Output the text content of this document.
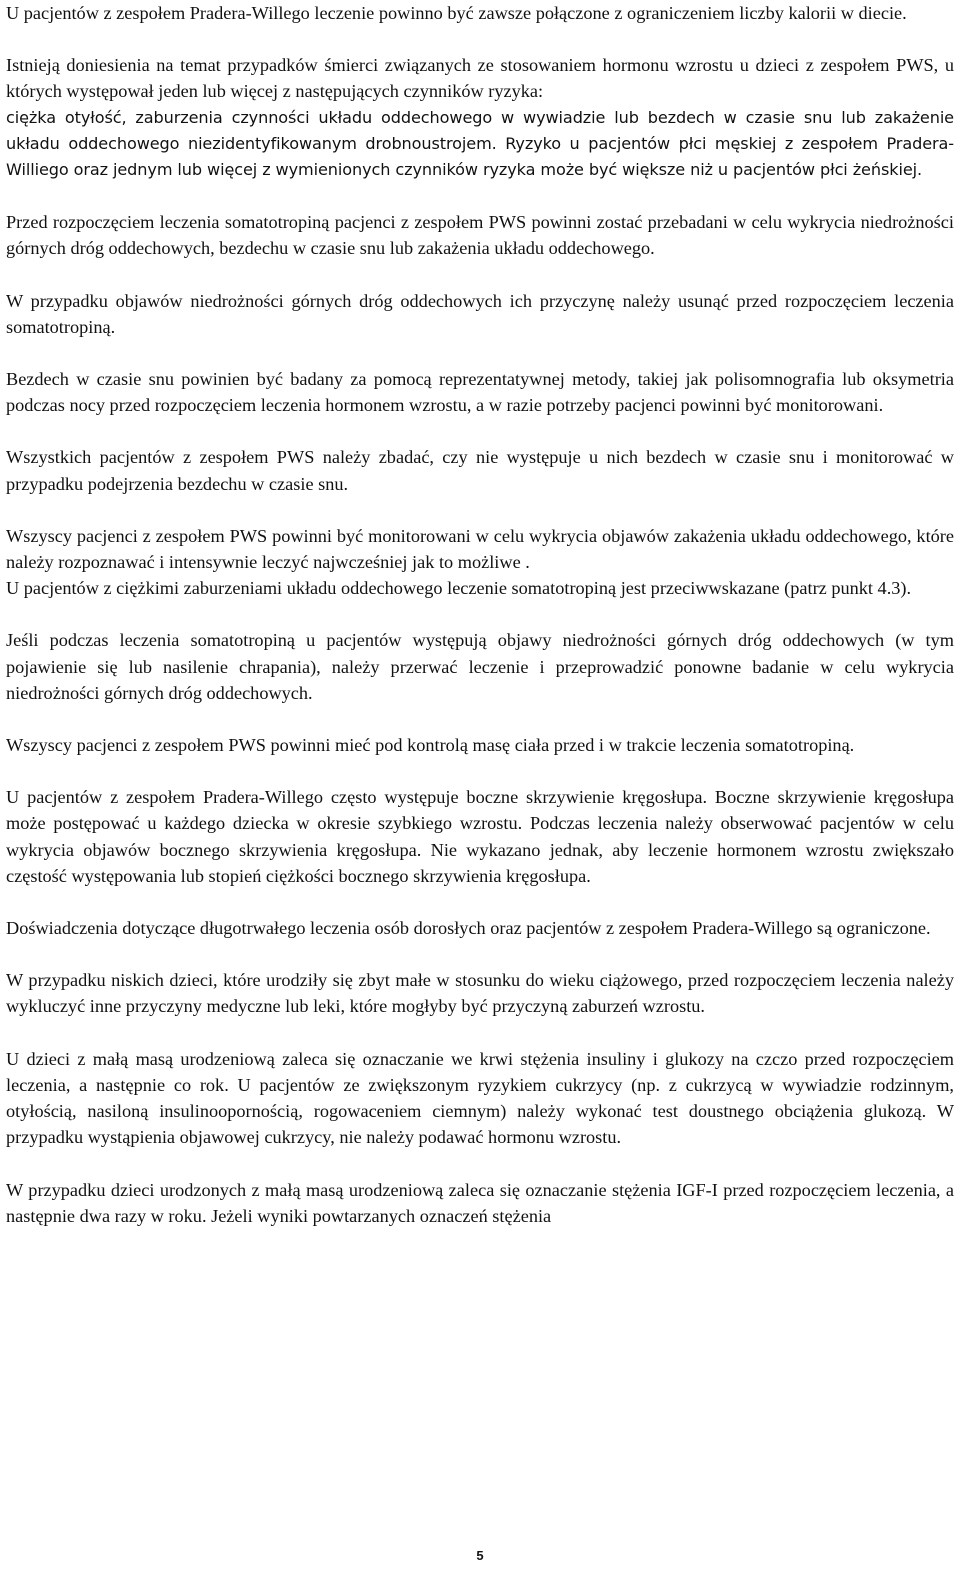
U pacjentów z zespołem Pradera-Willego leczenie powinno być zawsze połączone z ograniczeniem liczby kalorii w diecie.

Istnieją doniesienia na temat przypadków śmierci związanych ze stosowaniem hormonu wzrostu u dzieci z zespołem PWS, u których występował jeden lub więcej z następujących czynników ryzyka:

ciężka otyłość, zaburzenia czynności układu oddechowego w wywiadzie lub bezdech w czasie snu lub zakażenie układu oddechowego niezidentyfikowanym drobnoustrojem. Ryzyko u pacjentów płci męskiej z zespołem Pradera-Williego oraz jednym lub więcej z wymienionych czynników ryzyka może być większe niż u pacjentów płci żeńskiej.

Przed rozpoczęciem leczenia somatotropiną pacjenci z zespołem PWS powinni zostać przebadani w celu wykrycia niedrożności górnych dróg oddechowych, bezdechu w czasie snu lub zakażenia układu oddechowego.

W przypadku objawów niedrożności górnych dróg oddechowych ich przyczynę należy usunąć przed rozpoczęciem leczenia somatotropiną.

Bezdech w czasie snu powinien być badany za pomocą reprezentatywnej metody, takiej jak polisomnografia lub oksymetria podczas nocy przed rozpoczęciem leczenia hormonem wzrostu, a w razie potrzeby pacjenci powinni być monitorowani.

Wszystkich pacjentów z zespołem PWS należy zbadać, czy nie występuje u nich bezdech w czasie snu i monitorować w przypadku podejrzenia bezdechu w czasie snu.

Wszyscy pacjenci z zespołem PWS powinni być monitorowani w celu wykrycia objawów zakażenia układu oddechowego, które należy rozpoznawać i intensywnie leczyć najwcześniej jak to możliwe .

U pacjentów z ciężkimi zaburzeniami układu oddechowego leczenie somatotropiną jest przeciwwskazane (patrz punkt 4.3).

Jeśli podczas leczenia somatotropiną u pacjentów występują objawy niedrożności górnych dróg oddechowych (w tym pojawienie się lub nasilenie chrapania), należy przerwać leczenie i przeprowadzić ponowne badanie w celu wykrycia niedrożności górnych dróg oddechowych.

Wszyscy pacjenci z zespołem PWS powinni mieć pod kontrolą masę ciała przed i w trakcie leczenia somatotropiną.

U pacjentów z zespołem Pradera-Willego często występuje boczne skrzywienie kręgosłupa. Boczne skrzywienie kręgosłupa może postępować u każdego dziecka w okresie szybkiego wzrostu. Podczas leczenia należy obserwować pacjentów w celu wykrycia objawów bocznego skrzywienia kręgosłupa. Nie wykazano jednak, aby leczenie hormonem wzrostu zwiększało częstość występowania lub stopień ciężkości bocznego skrzywienia kręgosłupa.

Doświadczenia dotyczące długotrwałego leczenia osób dorosłych oraz pacjentów z zespołem Pradera-Willego są ograniczone.

W przypadku niskich dzieci, które urodziły się zbyt małe w stosunku do wieku ciążowego, przed rozpoczęciem leczenia należy wykluczyć inne przyczyny medyczne lub leki, które mogłyby być przyczyną zaburzeń wzrostu.

U dzieci z małą masą urodzeniową zaleca się oznaczanie we krwi stężenia insuliny i glukozy na czczo przed rozpoczęciem leczenia, a następnie co rok. U pacjentów ze zwiększonym ryzykiem cukrzycy (np. z cukrzycą w wywiadzie rodzinnym, otyłością, nasiloną insulinoopornością, rogowaceniem ciemnym) należy wykonać test doustnego obciążenia glukozą. W przypadku wystąpienia objawowej cukrzycy, nie należy podawać hormonu wzrostu.

W przypadku dzieci urodzonych z małą masą urodzeniową zaleca się oznaczanie stężenia IGF-I przed rozpoczęciem leczenia, a następnie dwa razy w roku. Jeżeli wyniki powtarzanych oznaczeń stężenia

5
